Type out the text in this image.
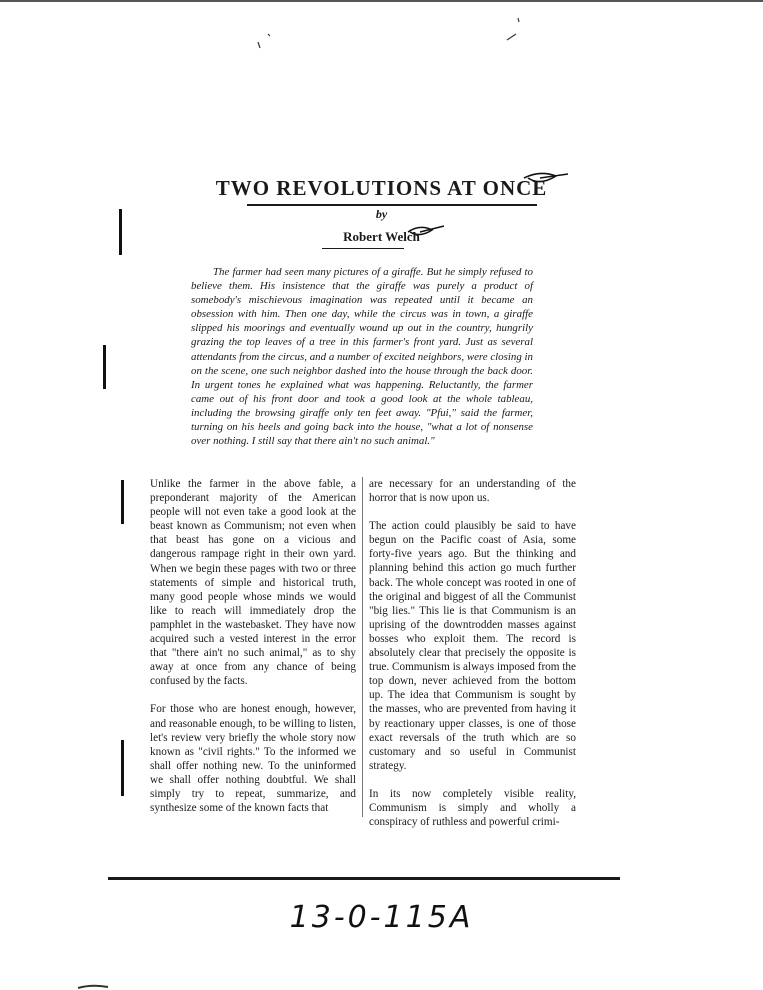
TWO REVOLUTIONS AT ONCE
by
Robert Welch

The farmer had seen many pictures of a giraffe. But he simply refused to believe them. His insistence that the giraffe was purely a product of somebody's mischievous imagination was repeated until it became an obsession with him. Then one day, while the circus was in town, a giraffe slipped his moorings and eventually wound up out in the country, hungrily grazing the top leaves of a tree in this farmer's front yard. Just as several attendants from the circus, and a number of excited neighbors, were closing in on the scene, one such neighbor dashed into the house through the back door. In urgent tones he explained what was happening. Reluctantly, the farmer came out of his front door and took a good look at the whole tableau, including the browsing giraffe only ten feet away. "Pfui," said the farmer, turning on his heels and going back into the house, "what a lot of nonsense over nothing. I still say that there ain't no such animal."

Unlike the farmer in the above fable, a preponderant majority of the American people will not even take a good look at the beast known as Communism; not even when that beast has gone on a vicious and dangerous rampage right in their own yard. When we begin these pages with two or three statements of simple and historical truth, many good people whose minds we would like to reach will immediately drop the pamphlet in the wastebasket. They have now acquired such a vested interest in the error that "there ain't no such animal," as to shy away at once from any chance of being confused by the facts.

For those who are honest enough, however, and reasonable enough, to be willing to listen, let's review very briefly the whole story now known as "civil rights." To the informed we shall offer nothing new. To the uninformed we shall offer nothing doubtful. We shall simply try to repeat, summarize, and synthesize some of the known facts that

are necessary for an understanding of the horror that is now upon us.

The action could plausibly be said to have begun on the Pacific coast of Asia, some forty-five years ago. But the thinking and planning behind this action go much further back. The whole concept was rooted in one of the original and biggest of all the Communist "big lies." This lie is that Communism is an uprising of the downtrodden masses against bosses who exploit them. The record is absolutely clear that precisely the opposite is true. Communism is always imposed from the top down, never achieved from the bottom up. The idea that Communism is sought by the masses, who are prevented from having it by reactionary upper classes, is one of those exact reversals of the truth which are so customary and so useful in Communist strategy.

In its now completely visible reality, Communism is simply and wholly a conspiracy of ruthless and powerful crimi-

13-0-115A
